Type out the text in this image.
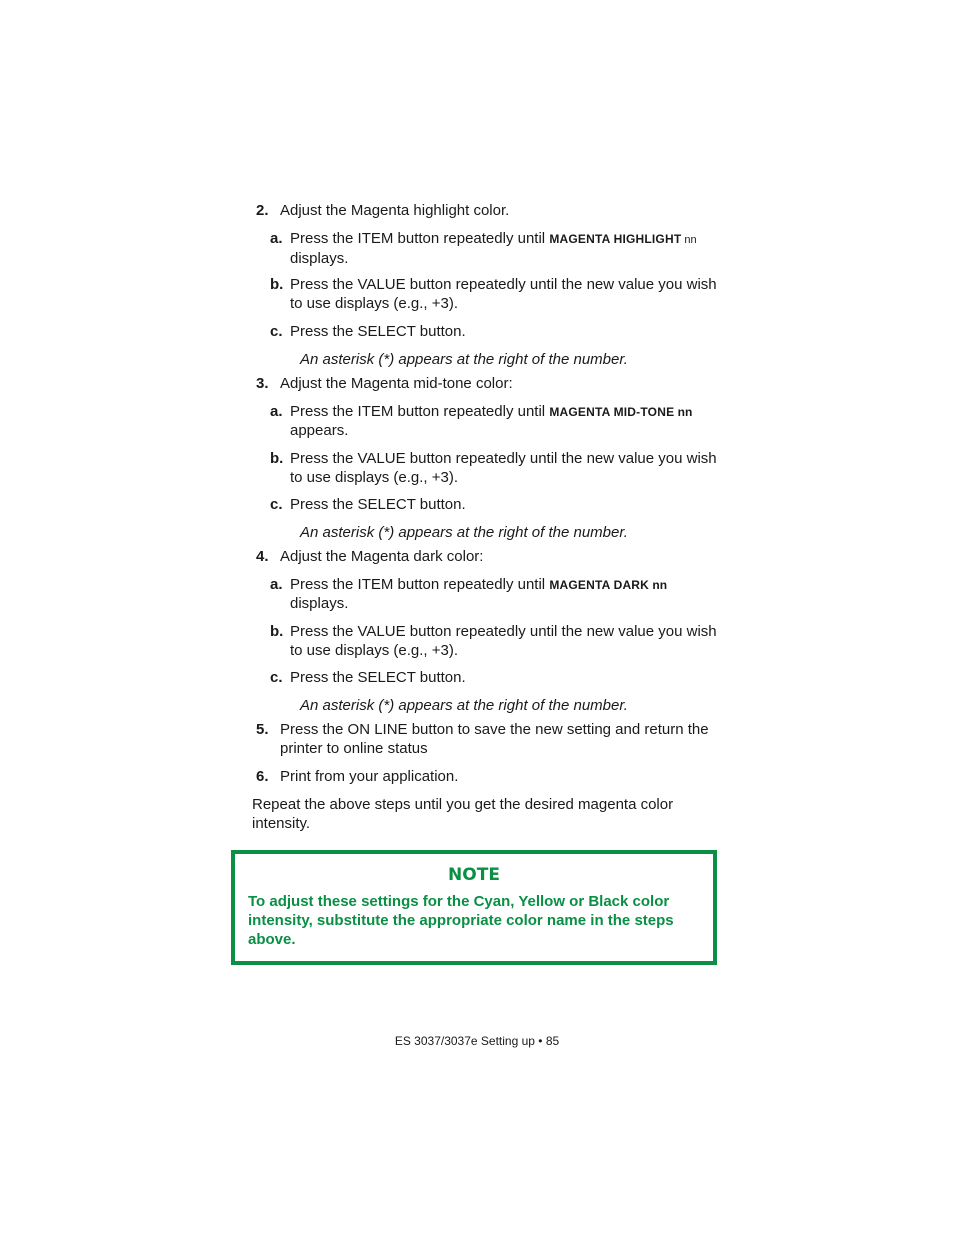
2. Adjust the Magenta highlight color.
a. Press the ITEM button repeatedly until MAGENTA HIGHLIGHT nn
displays.
b. Press the VALUE button repeatedly until the new value you wish to use displays (e.g., +3).
c. Press the SELECT button.
An asterisk (*) appears at the right of the number.
3. Adjust the Magenta mid-tone color:
a. Press the ITEM button repeatedly until MAGENTA MID-TONE nn
appears.
b. Press the VALUE button repeatedly until the new value you wish to use displays (e.g., +3).
c. Press the SELECT button.
An asterisk (*) appears at the right of the number.
4. Adjust the Magenta dark color:
a. Press the ITEM button repeatedly until MAGENTA DARK nn
displays.
b. Press the VALUE button repeatedly until the new value you wish to use displays (e.g., +3).
c. Press the SELECT button.
An asterisk (*) appears at the right of the number.
5. Press the ON LINE button to save the new setting and return the printer to online status
6. Print from your application.
Repeat the above steps until you get the desired magenta color intensity.
NOTE
To adjust these settings for the Cyan, Yellow or Black color intensity, substitute the appropriate color name in the steps above.
ES 3037/3037e Setting up • 85
